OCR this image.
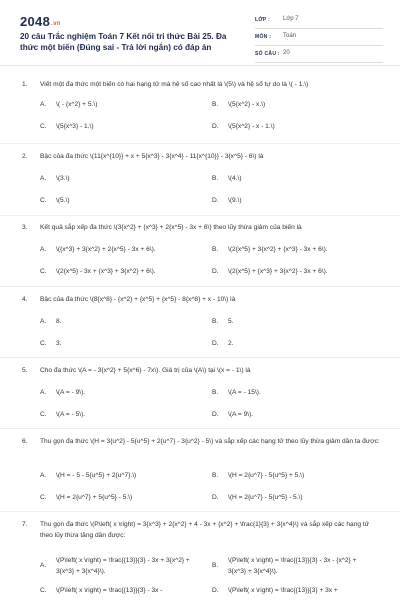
2048.vn
20 câu Trắc nghiệm Toán 7 Kết nối tri thức Bài 25. Đa thức một biến (Đúng sai - Trả lời ngắn) có đáp án
LỚP : Lớp 7
MÔN : Toán
SỐ CÂU : 20
1. Viết một đa thức một biến có hai hạng tử mà hệ số cao nhất là \(5\) và hệ số tự do là \( - 1.\)
A. \( - {x^2} + 5.\)	B. \(5{x^2} - x.\)
C. \(5{x^3} - 1.\)	D. \(5{x^2} - x - 1.\)
2. Bậc của đa thức \(11{x^{10}} + x + 5{x^3} - 3{x^4} - 11{x^{10}} - 3{x^5} - 6\) là
A. \(3.\)	B. \(4.\)
C. \(5.\)	D. \(9.\)
3. Kết quả sắp xếp đa thức \(3{x^2} + {x^3} + 2{x^5} - 3x + 6\) theo lũy thừa giảm của biến là
A. \({x^3} + 3{x^2} + 2{x^5} - 3x + 6\).	B. \(2{x^5} + 3{x^2} + {x^3} - 3x + 6\).
C. \(2{x^5} - 3x + {x^3} + 3{x^2} + 6\).	D. \(2{x^5} + {x^3} + 3{x^2} - 3x + 6\).
4. Bậc của đa thức \(8{x^8} - {x^2} + {x^5} + {x^5} - 8{x^8} + x - 10\) là
A. 8.	B. 5.
C. 3.	D. 2.
5. Cho đa thức \(A = - 3{x^2} + 5{x^6} - 7x\). Giá trị của \(A\) tại \(x = - 1\) là
A. \(A = - 9\).	B. \(A = - 15\).
C. \(A = - 5\).	D. \(A = 9\).
6. Thu gọn đa thức \(H = 3{u^2} - 5{u^5} + 2{u^7} - 3{u^2} - 5\) và sắp xếp các hạng tử theo lũy thừa giảm dần ta được:
A. \(H = - 5 - 5{u^5} + 2{u^7}.\)	B. \(H = 2{u^7} - 5{u^5} + 5.\)
C. \(H = 2{u^7} + 5{u^5} - 5.\)	D. \(H = 2{u^7} - 5{u^5} - 5.\)
7. Thu gọn đa thức \(P\left( x \right) = 3{x^3} + 2{x^2} + 4 - 3x + {x^2} + \frac{1}{3} + 3{x^4}\) và sắp xếp các hạng tử theo lũy thừa tăng dần được:
A.
\(P\left( x \right) = \frac{{13}}{3} - 3x + 3{x^2} + 3{x^3} + 3{x^4}\).
B.
\(P\left( x \right) = \frac{{13}}{3} - 3x - {x^2} + 3{x^3} + 3{x^4}\).
C. \(P\left( x \right) = \frac{{13}}{3} - 3x -	D. \(P\left( x \right) = \frac{{13}}{3} + 3x +
